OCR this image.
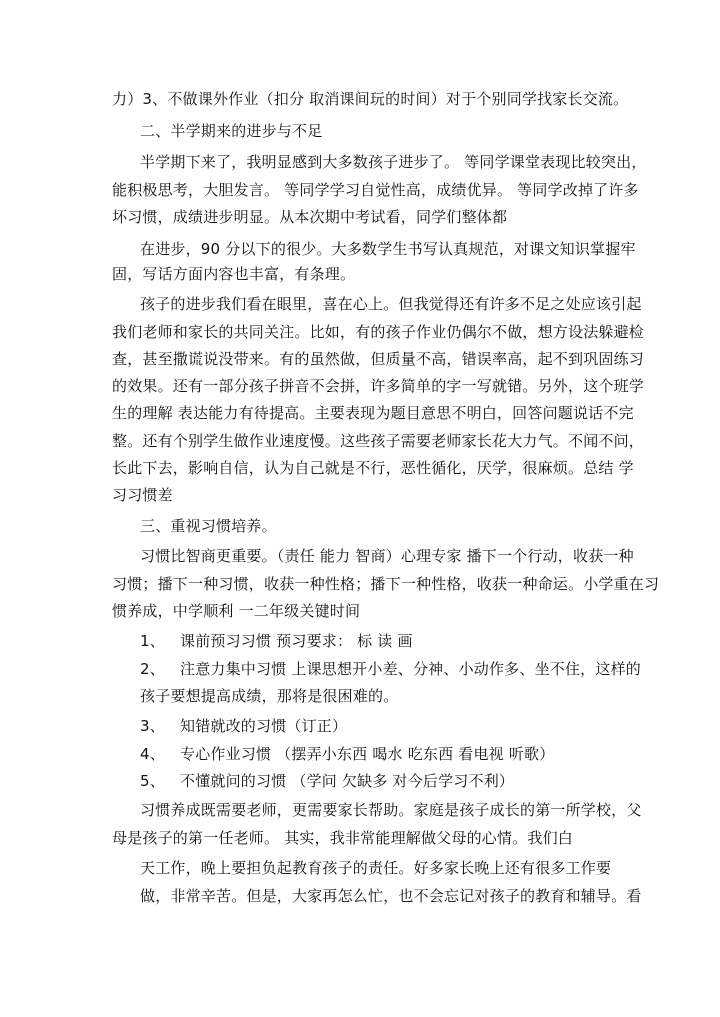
力）3、不做课外作业（扣分 取消课间玩的时间）对于个别同学找家长交流。
二、半学期来的进步与不足
半学期下来了，我明显感到大多数孩子进步了。 等同学课堂表现比较突出，
能积极思考，大胆发言。 等同学学习自觉性高，成绩优异。 等同学改掉了许多
坏习惯，成绩进步明显。从本次期中考试看，同学们整体都
在进步，90 分以下的很少。大多数学生书写认真规范，对课文知识掌握牢
固，写话方面内容也丰富，有条理。
孩子的进步我们看在眼里，喜在心上。但我觉得还有许多不足之处应该引起
我们老师和家长的共同关注。比如，有的孩子作业仍偶尔不做，想方设法躲避检
查，甚至撒谎说没带来。有的虽然做，但质量不高，错误率高，起不到巩固练习
的效果。还有一部分孩子拼音不会拼，许多简单的字一写就错。另外，这个班学
生的理解 表达能力有待提高。主要表现为题目意思不明白，回答问题说话不完
整。还有个别学生做作业速度慢。这些孩子需要老师家长花大力气。不闻不问，
长此下去，影响自信，认为自己就是不行，恶性循化，厌学，很麻烦。总结 学
习习惯差
三、重视习惯培养。
习惯比智商更重要。（责任 能力 智商）心理专家 播下一个行动，收获一种
习惯；播下一种习惯，收获一种性格；播下一种性格，收获一种命运。小学重在习
惯养成，中学顺利 一二年级关键时间
1、 课前预习习惯 预习要求： 标 读 画
2、 注意力集中习惯 上课思想开小差、分神、小动作多、坐不住，这样的
孩子要想提高成绩，那将是很困难的。
3、 知错就改的习惯（订正）
4、 专心作业习惯 （摆弄小东西 喝水 吃东西 看电视 听歌）
5、 不懂就问的习惯 （学问 欠缺多 对今后学习不利）
习惯养成既需要老师，更需要家长帮助。家庭是孩子成长的第一所学校，父
母是孩子的第一任老师。 其实，我非常能理解做父母的心情。我们白
天工作，晚上要担负起教育孩子的责任。好多家长晚上还有很多工作要
做，非常辛苦。但是，大家再怎么忙，也不会忘记对孩子的教育和辅导。看
